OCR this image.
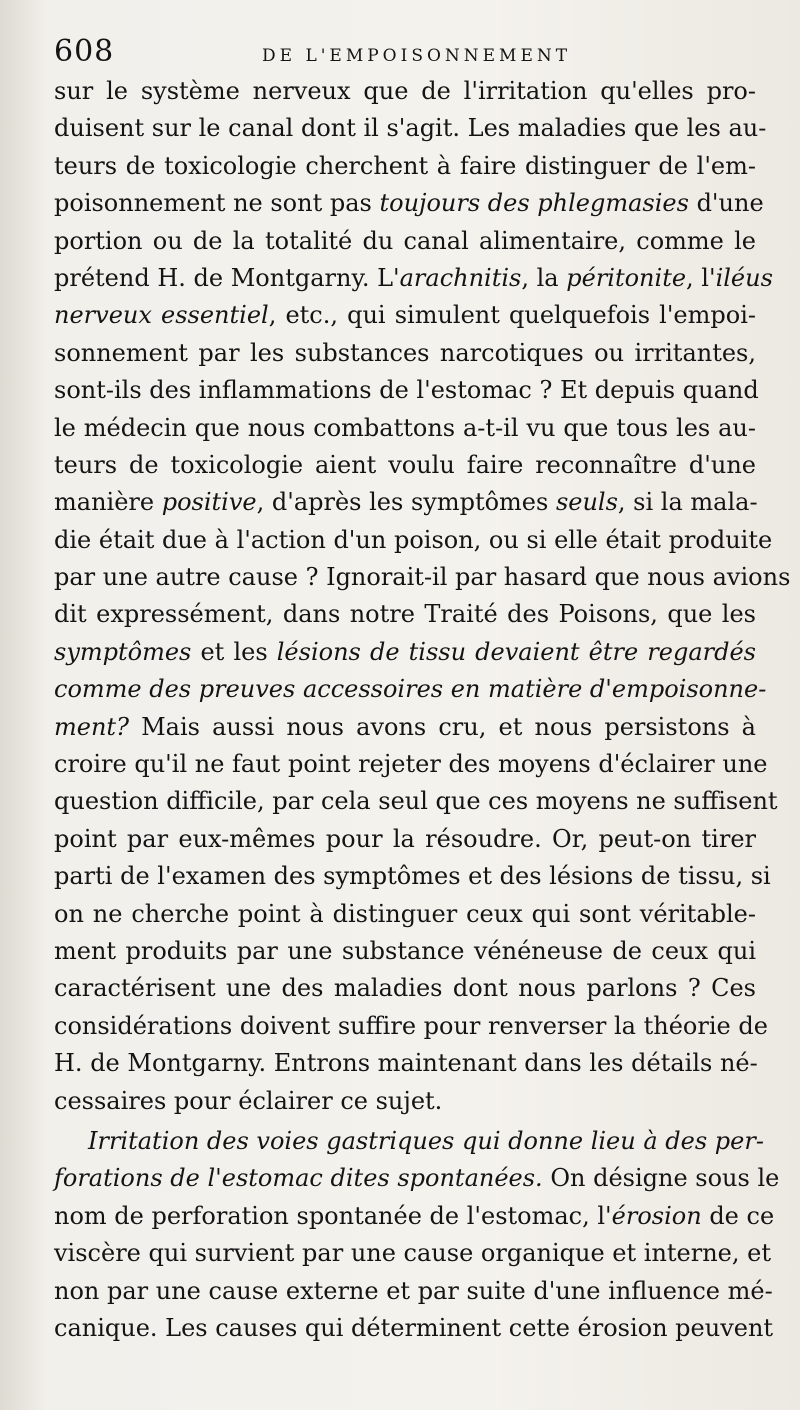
608	DE L'EMPOISONNEMENT
sur le système nerveux que de l'irritation qu'elles pro-
duisent sur le canal dont il s'agit. Les maladies que les au-
teurs de toxicologie cherchent à faire distinguer de l'em-
poisonnement ne sont pas toujours des phlegmasies d'une
portion ou de la totalité du canal alimentaire, comme le
prétend H. de Montgarny. L'arachnitis, la péritonite, l'iléus
nerveux essentiel, etc., qui simulent quelquefois l'empoi-
sonnement par les substances narcotiques ou irritantes,
sont-ils des inflammations de l'estomac ? Et depuis quand
le médecin que nous combattons a-t-il vu que tous les au-
teurs de toxicologie aient voulu faire reconnaître d'une
manière positive, d'après les symptômes seuls, si la mala-
die était due à l'action d'un poison, ou si elle était produite
par une autre cause ? Ignorait-il par hasard que nous avions
dit expressément, dans notre Traité des Poisons, que les
symptômes et les lésions de tissu devaient être regardés
comme des preuves accessoires en matière d'empoisonne-
ment? Mais aussi nous avons cru, et nous persistons à
croire qu'il ne faut point rejeter des moyens d'éclairer une
question difficile, par cela seul que ces moyens ne suffisent
point par eux-mêmes pour la résoudre. Or, peut-on tirer
parti de l'examen des symptômes et des lésions de tissu, si
on ne cherche point à distinguer ceux qui sont véritable-
ment produits par une substance vénéneuse de ceux qui
caractérisent une des maladies dont nous parlons ? Ces
considérations doivent suffire pour renverser la théorie de
H. de Montgarny. Entrons maintenant dans les détails né-
cessaires pour éclairer ce sujet.
Irritation des voies gastriques qui donne lieu à des per-
forations de l'estomac dites spontanées. On désigne sous le
nom de perforation spontanée de l'estomac, l'érosion de ce
viscère qui survient par une cause organique et interne, et
non par une cause externe et par suite d'une influence mé-
canique. Les causes qui déterminent cette érosion peuvent
